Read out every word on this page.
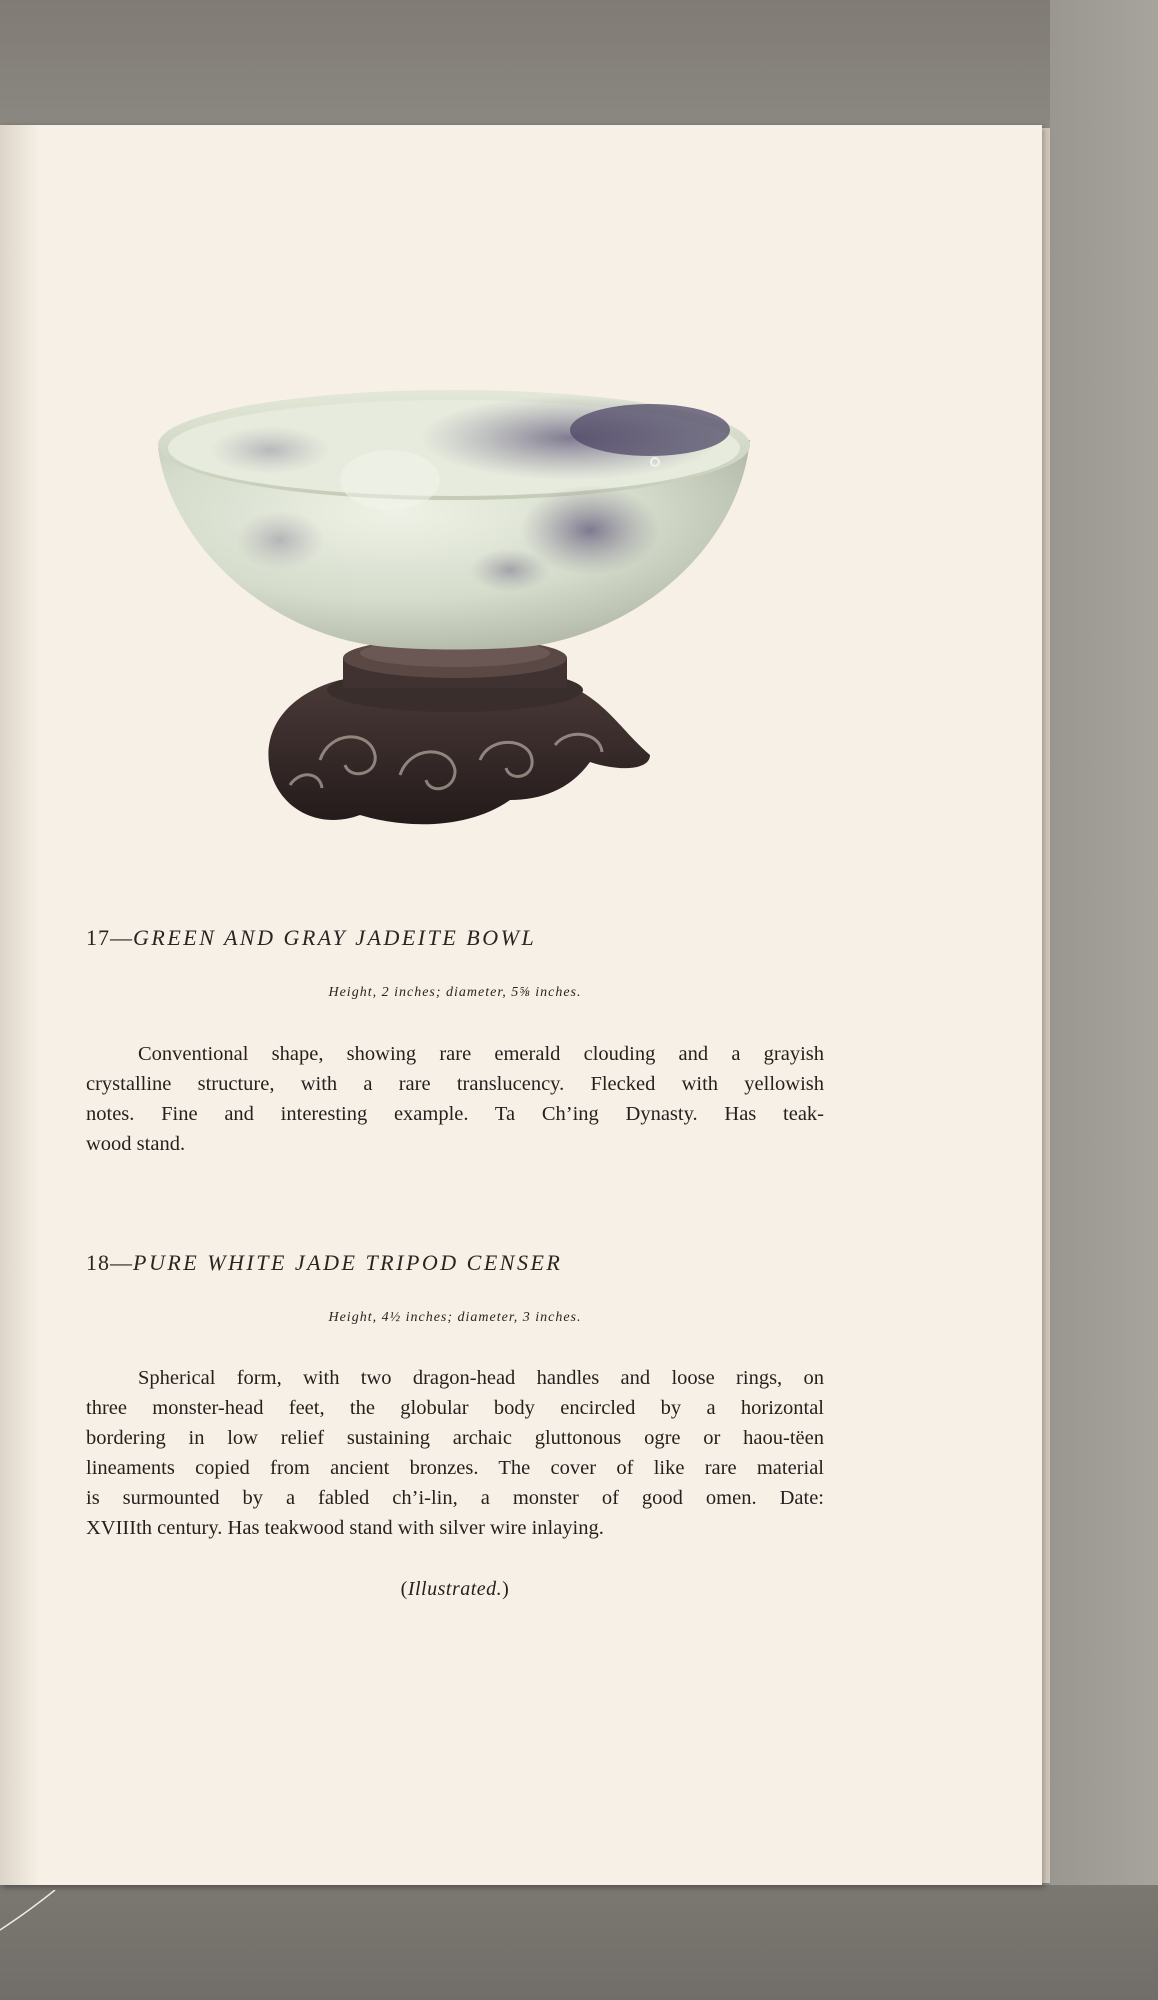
17—GREEN AND GRAY JADEITE BOWL
Height, 2 inches; diameter, 5⅝ inches.
Conventional shape, showing rare emerald clouding and a grayish
crystalline structure, with a rare translucency. Flecked with yellowish
notes. Fine and interesting example. Ta Ch’ing Dynasty. Has teak-
wood stand.
18—PURE WHITE JADE TRIPOD CENSER
Height, 4½ inches; diameter, 3 inches.
Spherical form, with two dragon-head handles and loose rings, on
three monster-head feet, the globular body encircled by a horizontal
bordering in low relief sustaining archaic gluttonous ogre or haou-tëen
lineaments copied from ancient bronzes. The cover of like rare material
is surmounted by a fabled ch’i-lin, a monster of good omen. Date:
XVIIIth century. Has teakwood stand with silver wire inlaying.
(Illustrated.)
